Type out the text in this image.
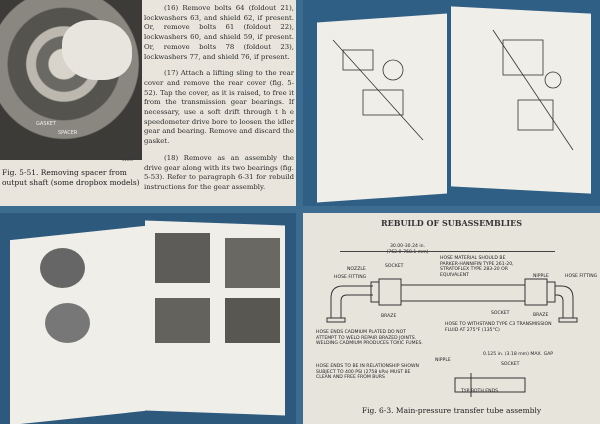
GASKET
SPACER
S1433
Fig. 5-51. Removing spacer from output shaft (some dropbox models)

(16) Remove bolts 64 (foldout 21), lockwashers 63, and shield 62, if present. Or, remove bolts 61 (foldout 22), lockwashers 60, and shield 59, if present. Or, remove bolts 78 (foldout 23), lockwashers 77, and shield 76, if present.

(17) Attach a lifting sling to the rear cover and remove the rear cover (fig. 5-52). Tap the cover, as it is raised, to free it from the transmission gear bearings. If necessary, use a soft drift through t h e speedometer drive bore to loosen the idler gear and bearing. Remove and discard the gasket.

(18) Remove as an assembly the drive gear along with its two bearings (fig. 5-53). Refer to paragraph 6-31 for rebuild instructions for the gear assembly.

REBUILD OF SUBASSEMBLIES
30.00-30.24 in. (762.0-768.1 mm)
NOZZLE
SOCKET
HOSE FITTING
HOSE MATERIAL SHOULD BE PARKER-HANNIFIN TYPE 261-20, STRATOFLEX TYPE 283-20 OR EQUIVALENT	NIPPLE	HOSE FITTING
BRAZE
SOCKET	BRAZE
HOSE TO WITHSTAND TYPE C3 TRANSMISSION FLUID AT 275°F (135°C)
HOSE ENDS CADMIUM PLATED DO NOT ATTEMPT TO WELD REPAIR BRAZED JOINTS. WELDING CADMIUM PRODUCES TOXIC FUMES.
HOSE ENDS TO BE IN RELATIONSHIP SHOWN SUBJECT TO 400 PSI (2758 kPa) MUST BE CLEAN AND FREE FROM BURS
0.125 in. (3.18 mm) MAX. GAP
NIPPLE
SOCKET
TYP BOTH ENDS
Fig. 6-3. Main-pressure transfer tube assembly
